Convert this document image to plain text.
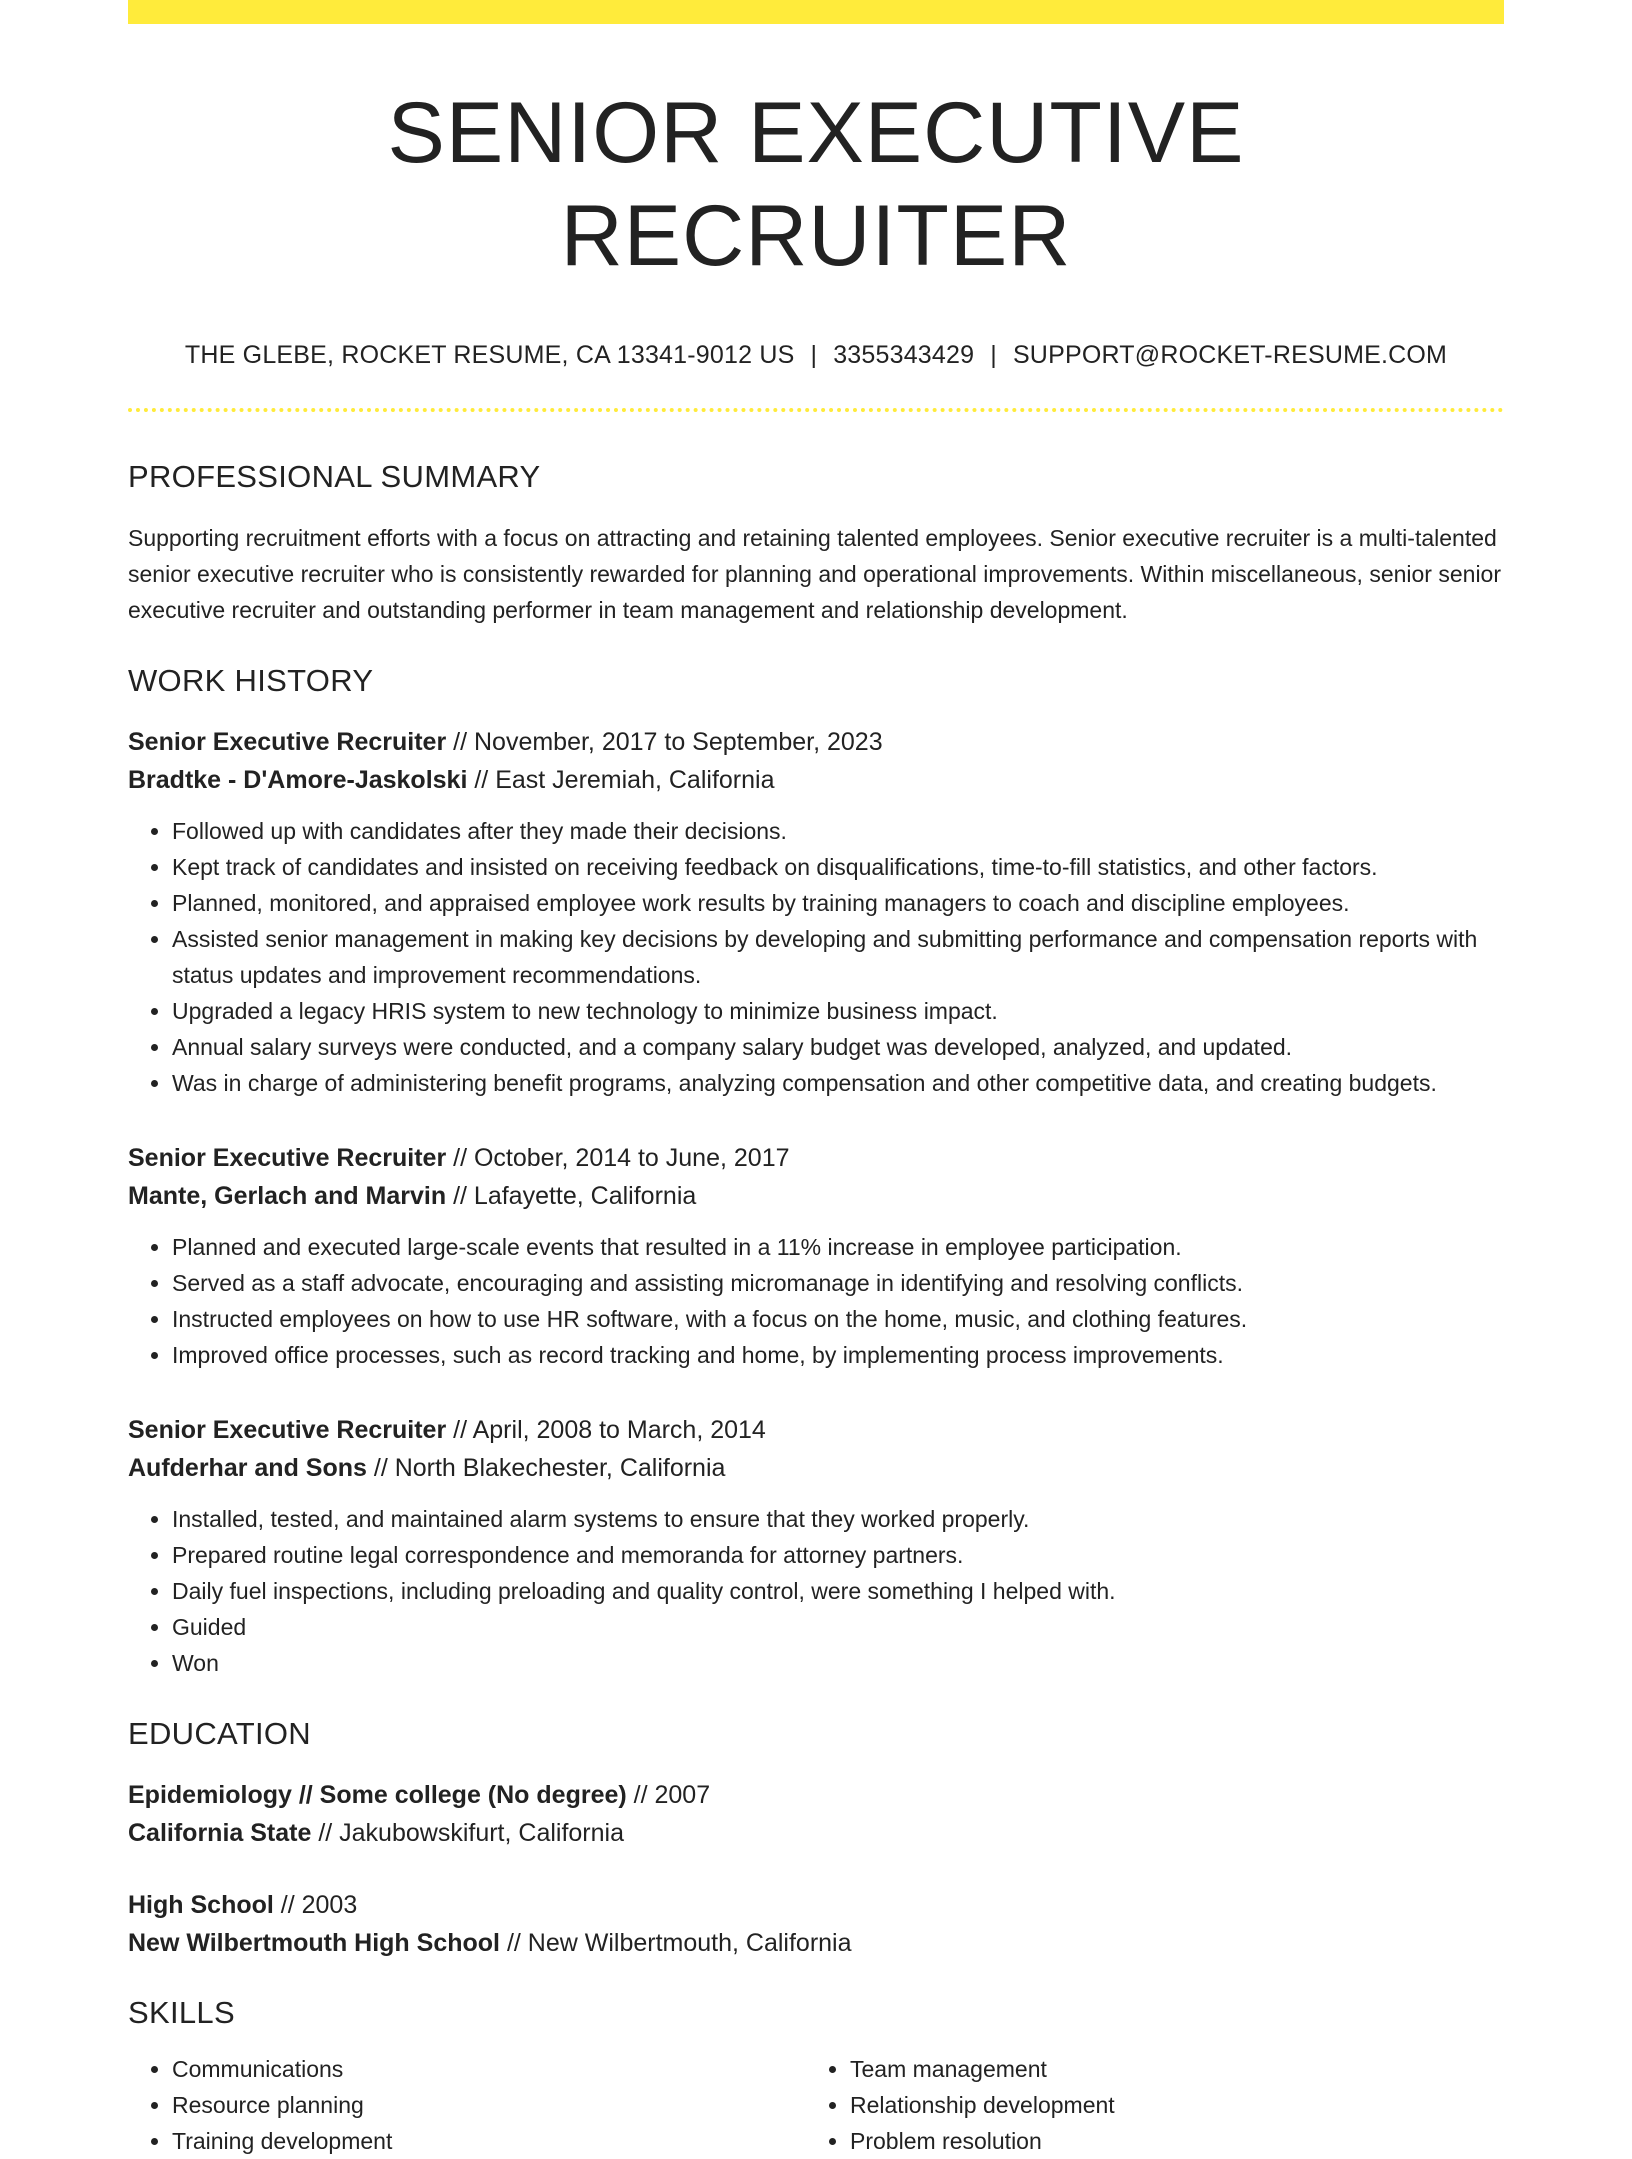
SENIOR EXECUTIVE RECRUITER
THE GLEBE, ROCKET RESUME, CA 13341-9012 US | 3355343429 | SUPPORT@ROCKET-RESUME.COM
PROFESSIONAL SUMMARY
Supporting recruitment efforts with a focus on attracting and retaining talented employees. Senior executive recruiter is a multi-talented senior executive recruiter who is consistently rewarded for planning and operational improvements. Within miscellaneous, senior senior executive recruiter and outstanding performer in team management and relationship development.
WORK HISTORY
Senior Executive Recruiter // November, 2017 to September, 2023
Bradtke - D'Amore-Jaskolski // East Jeremiah, California
• Followed up with candidates after they made their decisions.
• Kept track of candidates and insisted on receiving feedback on disqualifications, time-to-fill statistics, and other factors.
• Planned, monitored, and appraised employee work results by training managers to coach and discipline employees.
• Assisted senior management in making key decisions by developing and submitting performance and compensation reports with status updates and improvement recommendations.
• Upgraded a legacy HRIS system to new technology to minimize business impact.
• Annual salary surveys were conducted, and a company salary budget was developed, analyzed, and updated.
• Was in charge of administering benefit programs, analyzing compensation and other competitive data, and creating budgets.
Senior Executive Recruiter // October, 2014 to June, 2017
Mante, Gerlach and Marvin // Lafayette, California
• Planned and executed large-scale events that resulted in a 11% increase in employee participation.
• Served as a staff advocate, encouraging and assisting micromanage in identifying and resolving conflicts.
• Instructed employees on how to use HR software, with a focus on the home, music, and clothing features.
• Improved office processes, such as record tracking and home, by implementing process improvements.
Senior Executive Recruiter // April, 2008 to March, 2014
Aufderhar and Sons // North Blakechester, California
• Installed, tested, and maintained alarm systems to ensure that they worked properly.
• Prepared routine legal correspondence and memoranda for attorney partners.
• Daily fuel inspections, including preloading and quality control, were something I helped with.
• Guided
• Won
EDUCATION
Epidemiology // Some college (No degree) // 2007
California State // Jakubowskifurt, California
High School // 2003
New Wilbertmouth High School // New Wilbertmouth, California
SKILLS
• Communications
• Resource planning
• Training development
• Team management
• Relationship development
• Problem resolution
